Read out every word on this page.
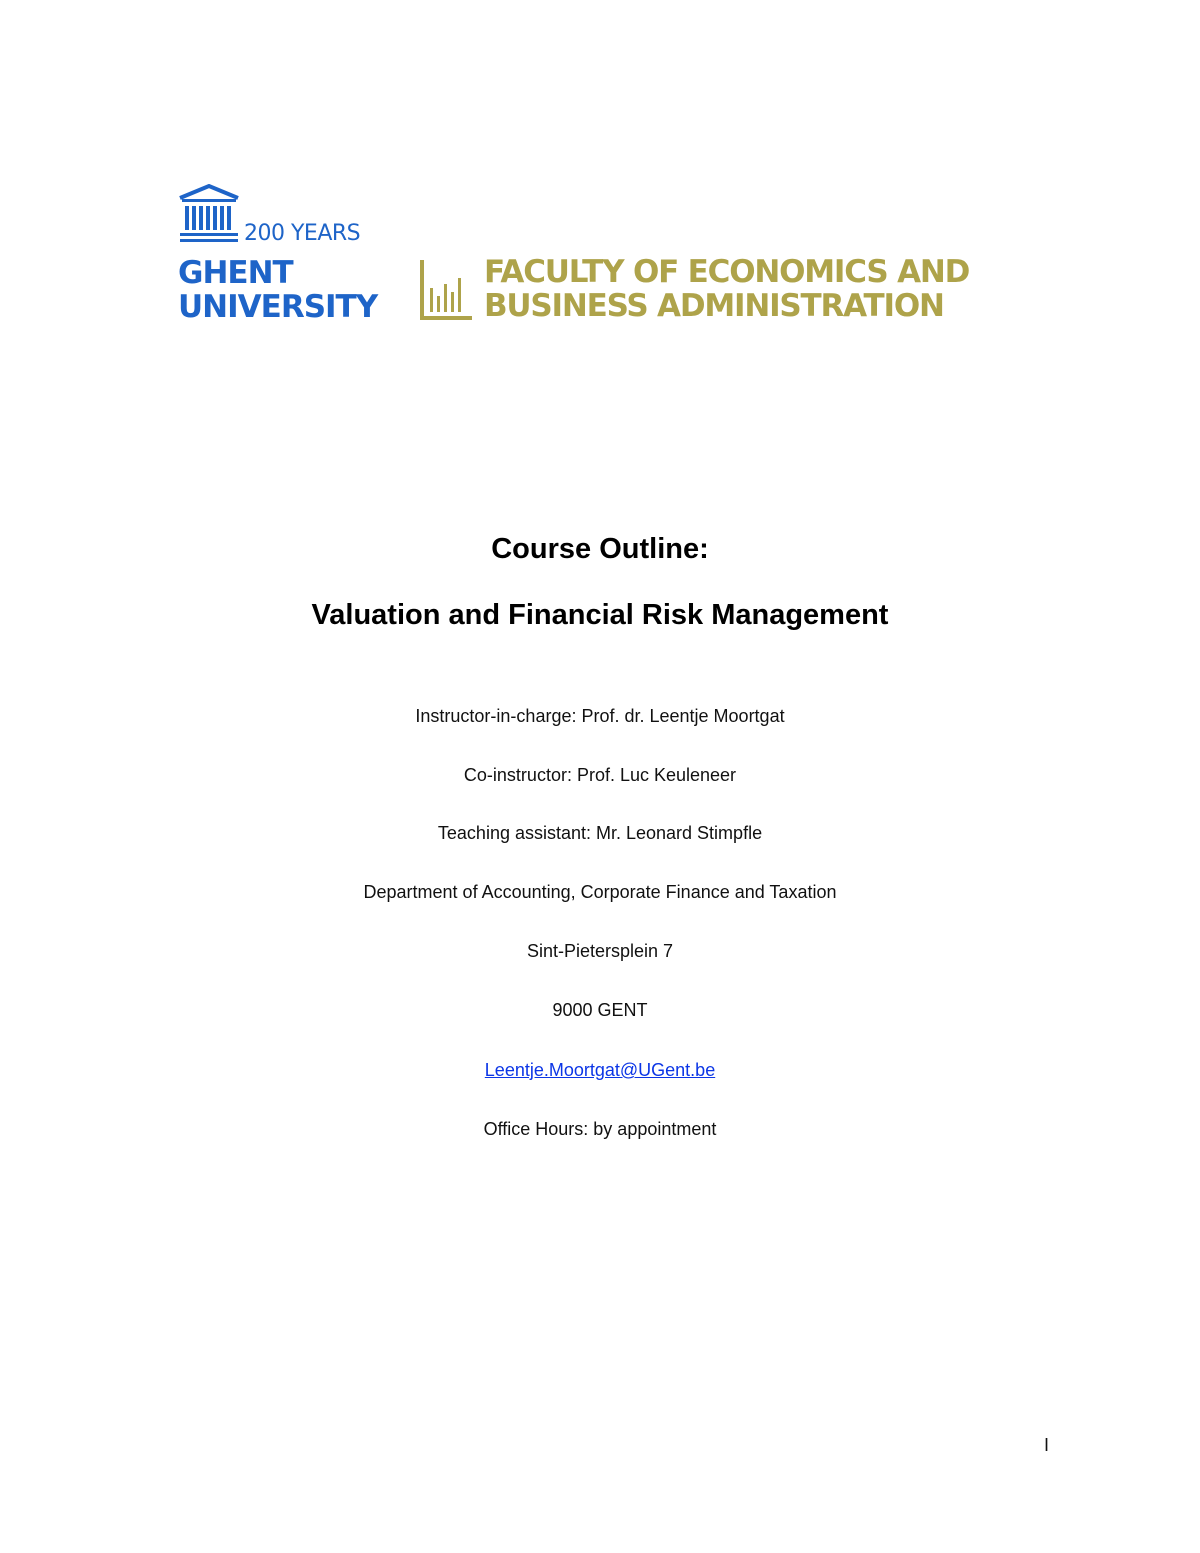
200 YEARS
GHENT
UNIVERSITY
FACULTY OF ECONOMICS AND
BUSINESS ADMINISTRATION
Course Outline:
Valuation and Financial Risk Management
Instructor-in-charge: Prof. dr. Leentje Moortgat
Co-instructor: Prof. Luc Keuleneer
Teaching assistant: Mr. Leonard Stimpfle
Department of Accounting, Corporate Finance and Taxation
Sint-Pietersplein 7
9000 GENT
Leentje.Moortgat@UGent.be
Office Hours: by appointment
I
